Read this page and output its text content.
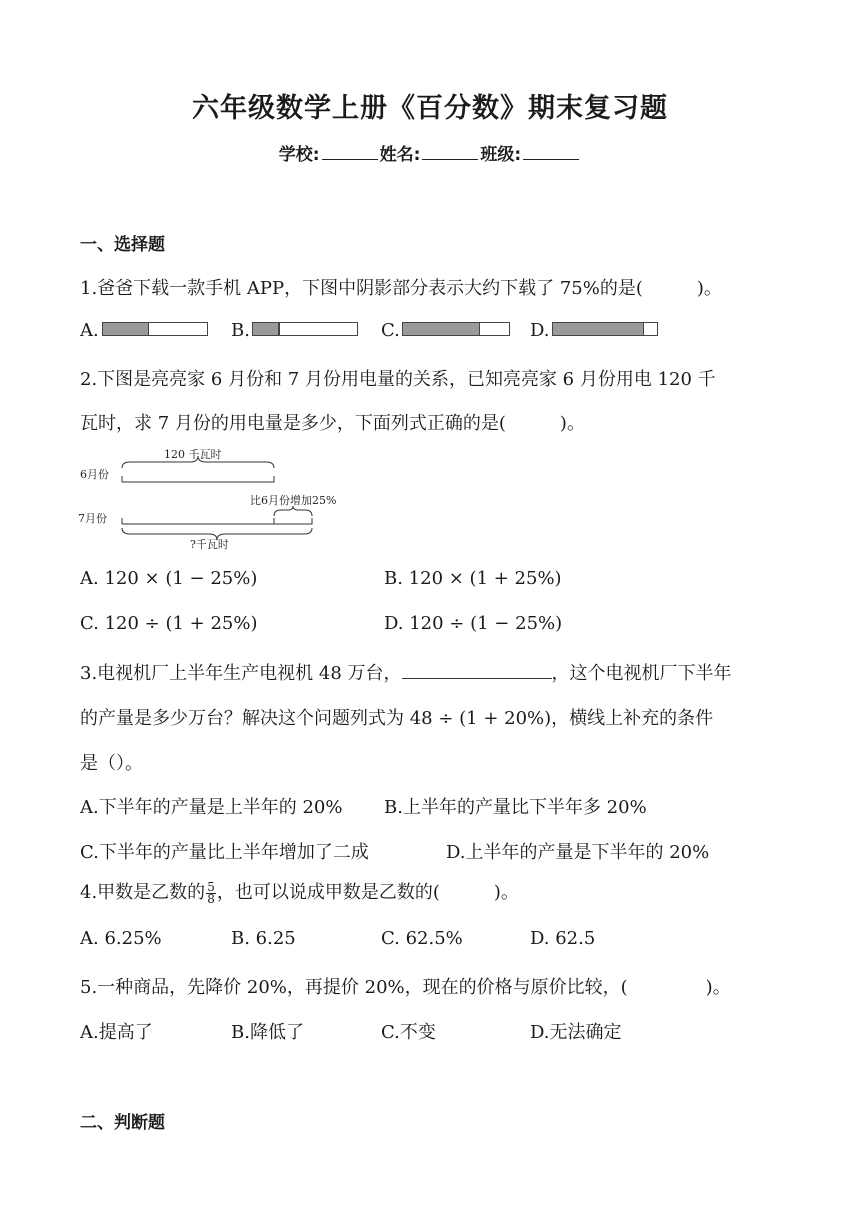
六年级数学上册《百分数》期末复习题
学校:	姓名:	班级:
一、选择题
1.爸爸下载一款手机 APP，下图中阴影部分表示大约下载了 75%的是(	)。
A.	B.	C.	D.
2.下图是亮亮家 6 月份和 7 月份用电量的关系，已知亮亮家 6 月份用电 120 千
瓦时，求 7 月份的用电量是多少，下面列式正确的是(	)。
6月份
7月份
120 千瓦时
比6月份增加25%
?千瓦时
A. 120 × (1 − 25%)	B. 120 × (1 + 25%)
C. 120 ÷ (1 + 25%)	D. 120 ÷ (1 − 25%)
3.电视机厂上半年生产电视机 48 万台，	，这个电视机厂下半年
的产量是多少万台？解决这个问题列式为 48 ÷ (1 + 20%)，横线上补充的条件
是（）。
A.下半年的产量是上半年的 20% B.上半年的产量比下半年多 20%
C.下半年的产量比上半年增加了二成	D.上半年的产量是下半年的 20%
4.甲数是乙数的 $\frac{5}{8}$ ，也可以说成甲数是乙数的(	)。
A. 6.25%	B. 6.25	C. 62.5%	D. 62.5
5.一种商品，先降价 20%，再提价 20%，现在的价格与原价比较，(	)。
A.提高了	B.降低了	C.不变	D.无法确定
二、判断题
